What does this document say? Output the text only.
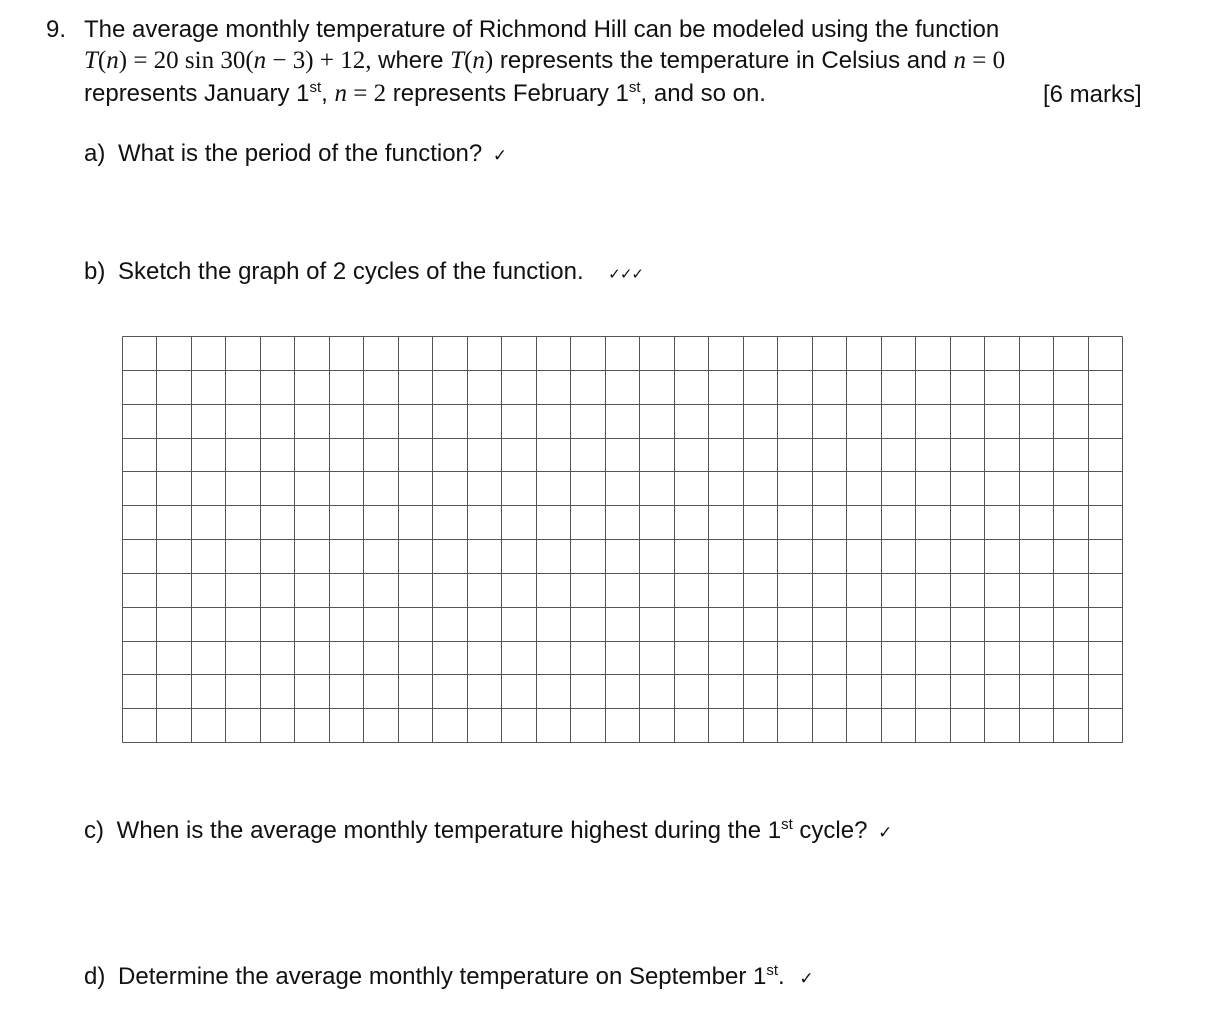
9. The average monthly temperature of Richmond Hill can be modeled using the function
T(n) = 20 sin 30(n − 3) + 12, where T(n) represents the temperature in Celsius and n = 0
represents January 1st, n = 2 represents February 1st, and so on.	[6 marks]
a) What is the period of the function? ✓
b) Sketch the graph of 2 cycles of the function. ✓✓✓
c) When is the average monthly temperature highest during the 1st cycle? ✓
d) Determine the average monthly temperature on September 1st. ✓
